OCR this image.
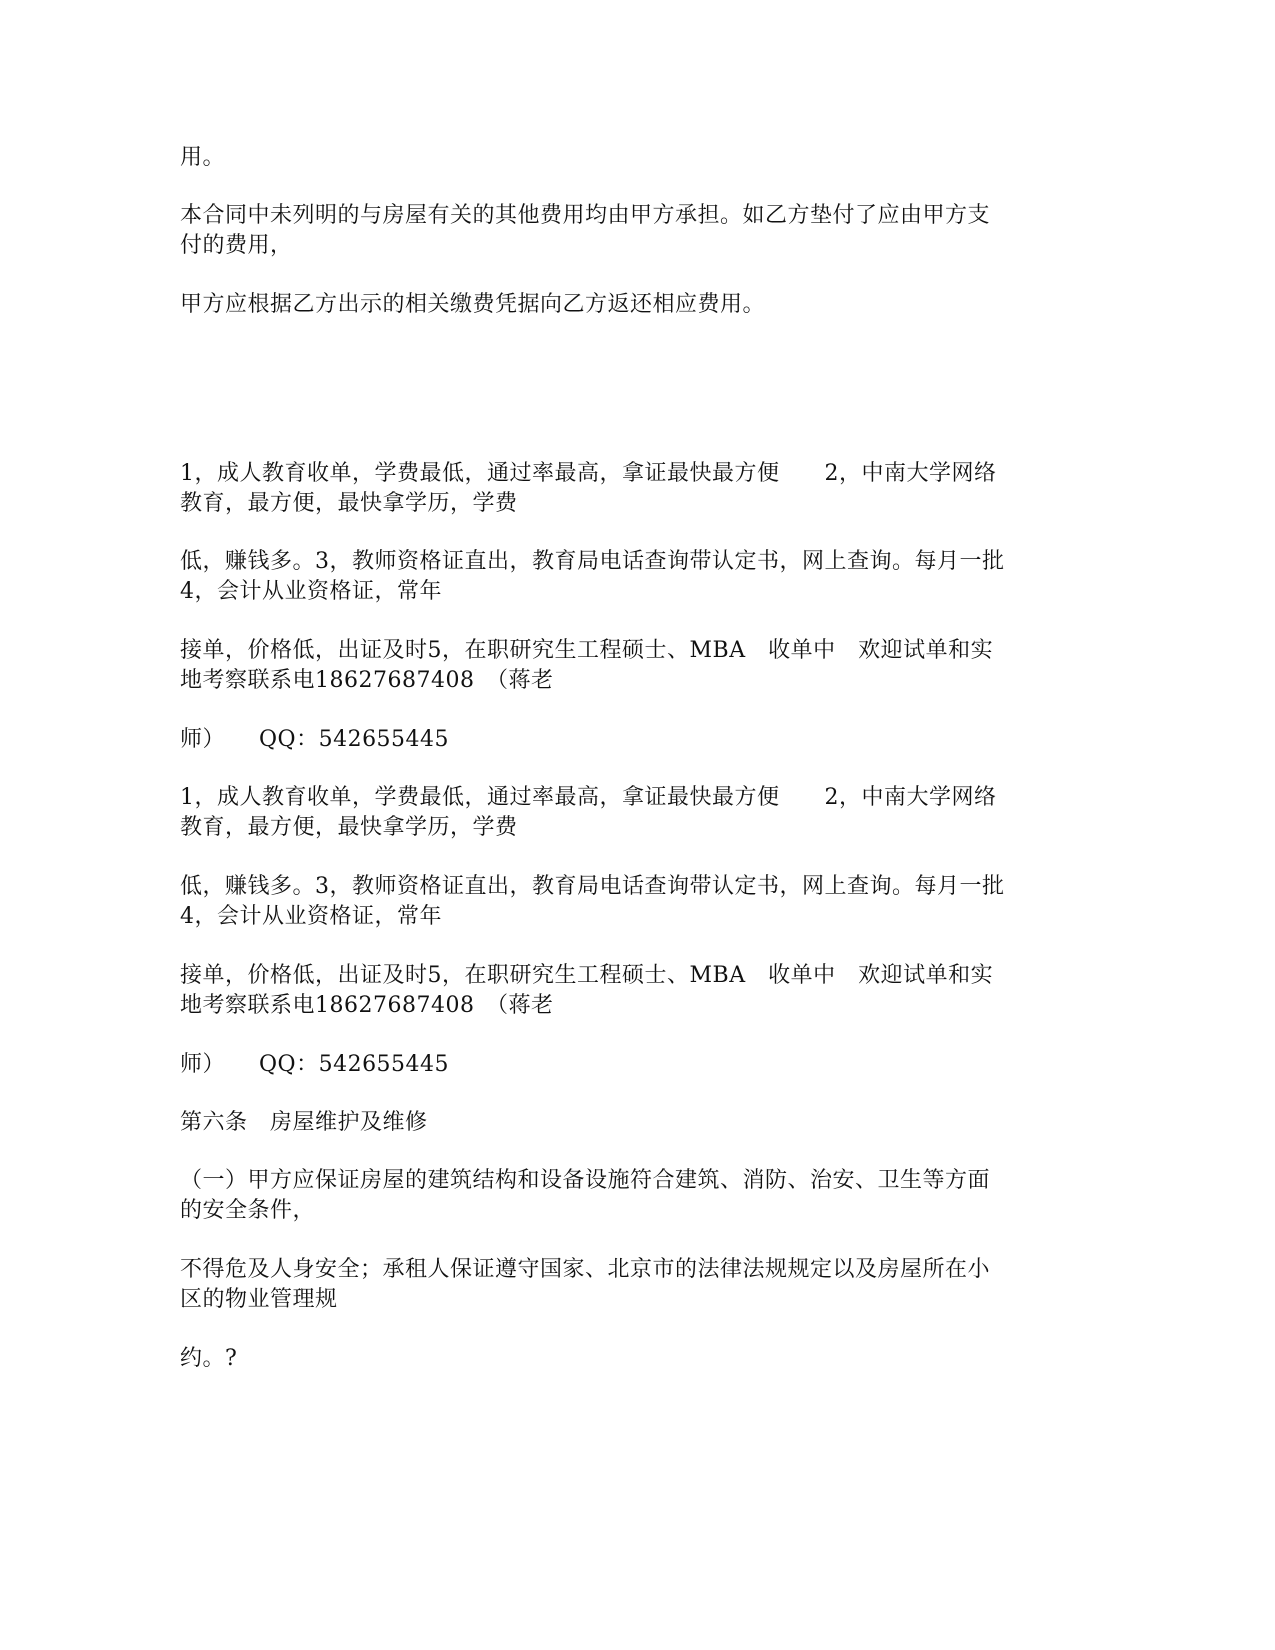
用。
本合同中未列明的与房屋有关的其他费用均由甲方承担。如乙方垫付了应由甲方支
付的费用，
甲方应根据乙方出示的相关缴费凭据向乙方返还相应费用。
1，成人教育收单，学费最低，通过率最高，拿证最快最方便　　2，中南大学网络
教育，最方便，最快拿学历，学费
低，赚钱多。3，教师资格证直出，教育局电话查询带认定书，网上查询。每月一批
4，会计从业资格证，常年
接单，价格低，出证及时5，在职研究生工程硕士、MBA　收单中　欢迎试单和实
地考察联系电18627687408　（蒋老
师）　　QQ：542655445
1，成人教育收单，学费最低，通过率最高，拿证最快最方便　　2，中南大学网络
教育，最方便，最快拿学历，学费
低，赚钱多。3，教师资格证直出，教育局电话查询带认定书，网上查询。每月一批
4，会计从业资格证，常年
接单，价格低，出证及时5，在职研究生工程硕士、MBA　收单中　欢迎试单和实
地考察联系电18627687408　（蒋老
师）　　QQ：542655445
第六条　房屋维护及维修
（一）甲方应保证房屋的建筑结构和设备设施符合建筑、消防、治安、卫生等方面
的安全条件，
不得危及人身安全；承租人保证遵守国家、北京市的法律法规规定以及房屋所在小
区的物业管理规
约。?
